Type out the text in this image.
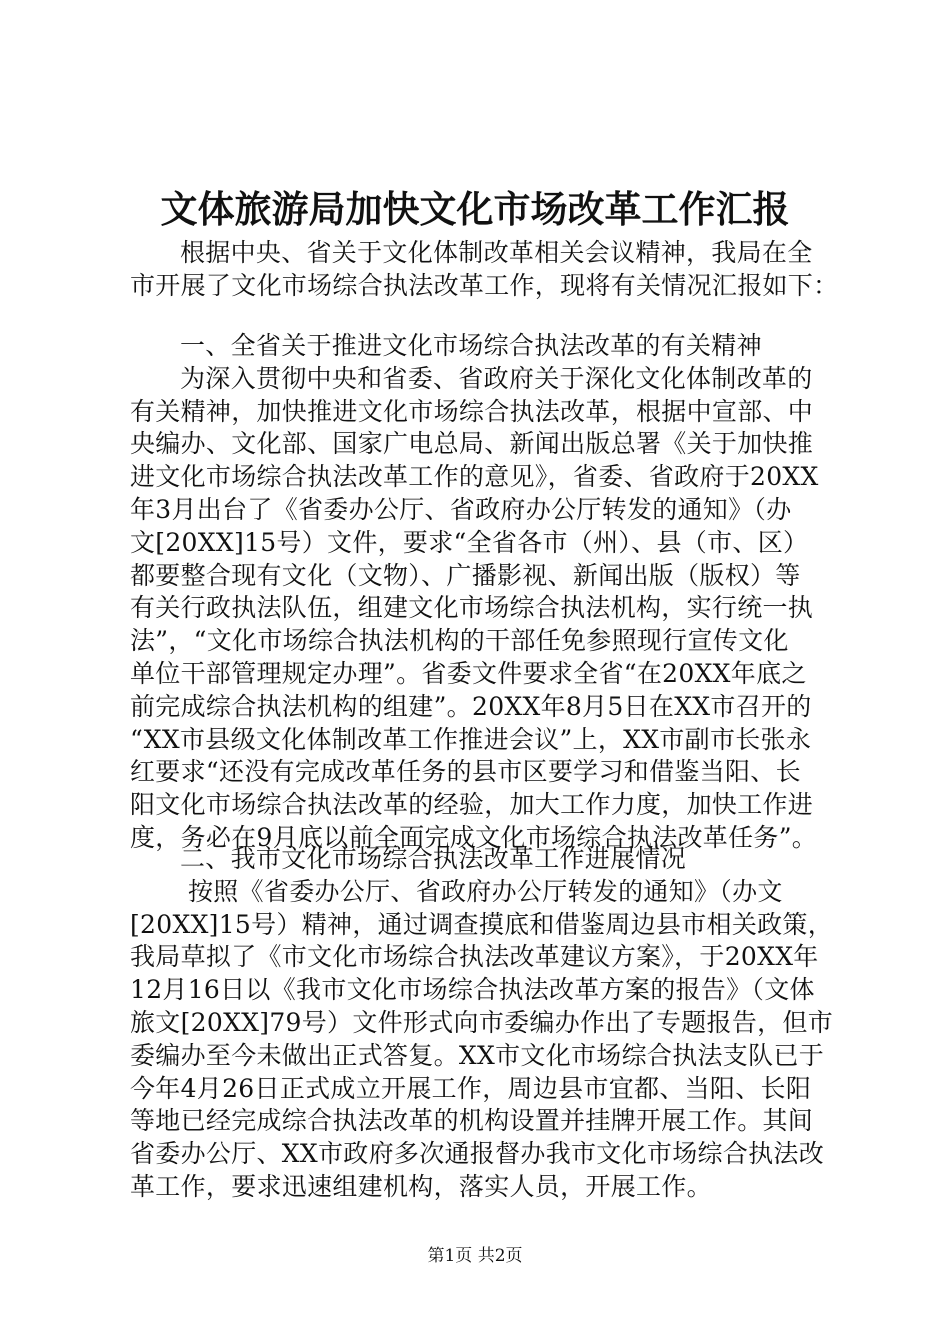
文体旅游局加快文化市场改革工作汇报
根据中央、省关于文化体制改革相关会议精神，我局在全
市开展了文化市场综合执法改革工作，现将有关情况汇报如下：
一、全省关于推进文化市场综合执法改革的有关精神
为深入贯彻中央和省委、省政府关于深化文化体制改革的
有关精神，加快推进文化市场综合执法改革，根据中宣部、中
央编办、文化部、国家广电总局、新闻出版总署《关于加快推
进文化市场综合执法改革工作的意见》，省委、省政府于20XX
年3月出台了《省委办公厅、省政府办公厅转发的通知》（办
文[20XX]15号）文件，要求“全省各市（州）、县（市、区）
都要整合现有文化（文物）、广播影视、新闻出版（版权）等
有关行政执法队伍，组建文化市场综合执法机构，实行统一执
法”，“文化市场综合执法机构的干部任免参照现行宣传文化
单位干部管理规定办理”。省委文件要求全省“在20XX年底之
前完成综合执法机构的组建”。20XX年8月5日在XX市召开的
“XX市县级文化体制改革工作推进会议”上，XX市副市长张永
红要求“还没有完成改革任务的县市区要学习和借鉴当阳、长
阳文化市场综合执法改革的经验，加大工作力度，加快工作进
度，务必在9月底以前全面完成文化市场综合执法改革任务”。
二、我市文化市场综合执法改革工作进展情况
按照《省委办公厅、省政府办公厅转发的通知》（办文
[20XX]15号）精神，通过调查摸底和借鉴周边县市相关政策，
我局草拟了《市文化市场综合执法改革建议方案》，于20XX年
12月16日以《我市文化市场综合执法改革方案的报告》（文体
旅文[20XX]79号）文件形式向市委编办作出了专题报告，但市
委编办至今未做出正式答复。XX市文化市场综合执法支队已于
今年4月26日正式成立开展工作，周边县市宜都、当阳、长阳
等地已经完成综合执法改革的机构设置并挂牌开展工作。其间
省委办公厅、XX市政府多次通报督办我市文化市场综合执法改
革工作，要求迅速组建机构，落实人员，开展工作。
第1页 共2页
